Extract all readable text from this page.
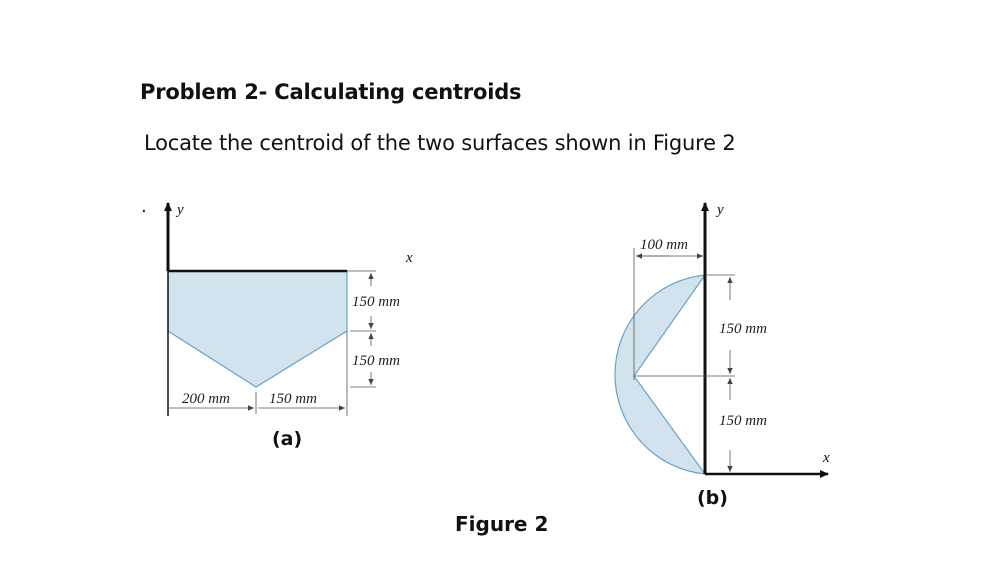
Problem 2- Calculating centroids
Locate the centroid of the two surfaces shown in Figure 2
. y
x
150 mm
150 mm
200 mm	150 mm
(a)
y
x
100 mm
150 mm
150 mm
(b)
Figure 2
